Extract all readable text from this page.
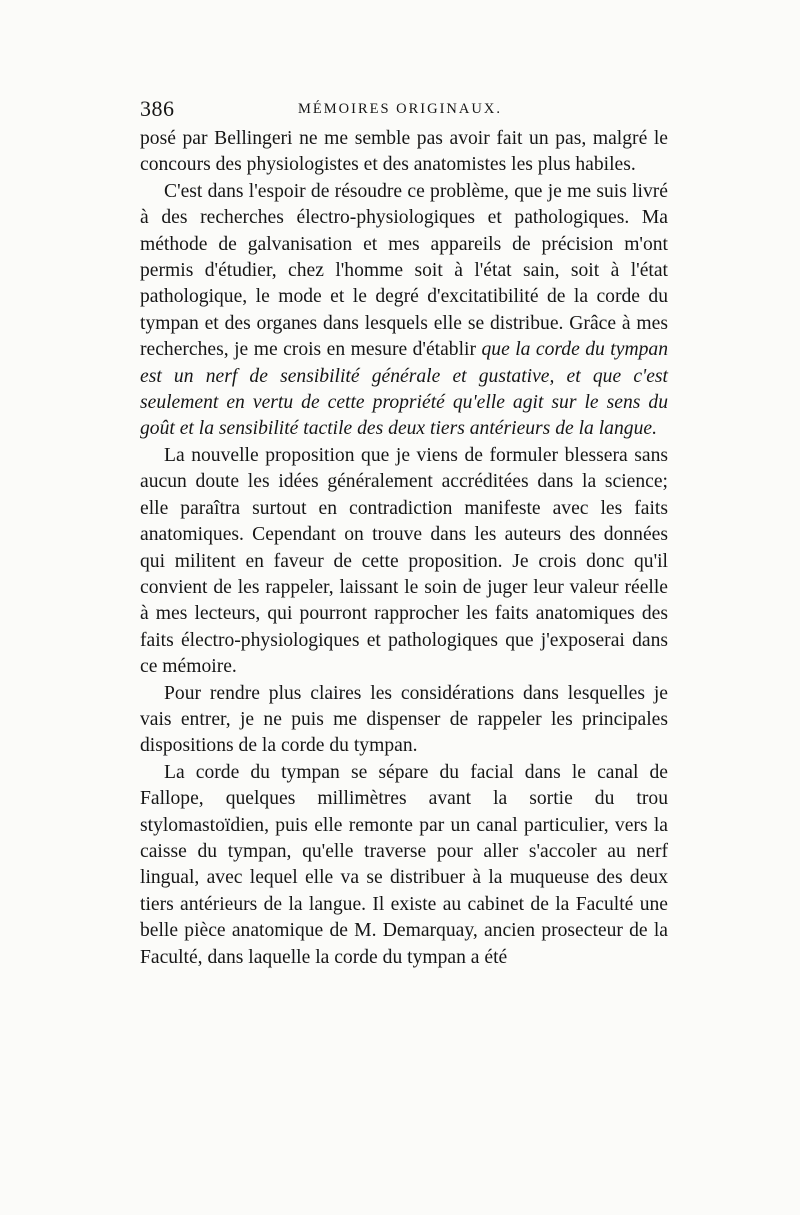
386	MÉMOIRES ORIGINAUX.

posé par Bellingeri ne me semble pas avoir fait un pas, malgré le concours des physiologistes et des anatomistes les plus habiles.

C'est dans l'espoir de résoudre ce problème, que je me suis livré à des recherches électro-physiologiques et pathologiques. Ma méthode de galvanisation et mes appareils de précision m'ont permis d'étudier, chez l'homme soit à l'état sain, soit à l'état pathologique, le mode et le degré d'excitatibilité de la corde du tympan et des organes dans lesquels elle se distribue. Grâce à mes recherches, je me crois en mesure d'établir que la corde du tympan est un nerf de sensibilité générale et gustative, et que c'est seulement en vertu de cette propriété qu'elle agit sur le sens du goût et la sensibilité tactile des deux tiers antérieurs de la langue.

La nouvelle proposition que je viens de formuler blessera sans aucun doute les idées généralement accréditées dans la science; elle paraîtra surtout en contradiction manifeste avec les faits anatomiques. Cependant on trouve dans les auteurs des données qui militent en faveur de cette proposition. Je crois donc qu'il convient de les rappeler, laissant le soin de juger leur valeur réelle à mes lecteurs, qui pourront rapprocher les faits anatomiques des faits électro-physiologiques et pathologiques que j'exposerai dans ce mémoire.

Pour rendre plus claires les considérations dans lesquelles je vais entrer, je ne puis me dispenser de rappeler les principales dispositions de la corde du tympan.

La corde du tympan se sépare du facial dans le canal de Fallope, quelques millimètres avant la sortie du trou stylomastoïdien, puis elle remonte par un canal particulier, vers la caisse du tympan, qu'elle traverse pour aller s'accoler au nerf lingual, avec lequel elle va se distribuer à la muqueuse des deux tiers antérieurs de la langue. Il existe au cabinet de la Faculté une belle pièce anatomique de M. Demarquay, ancien prosecteur de la Faculté, dans laquelle la corde du tympan a été
